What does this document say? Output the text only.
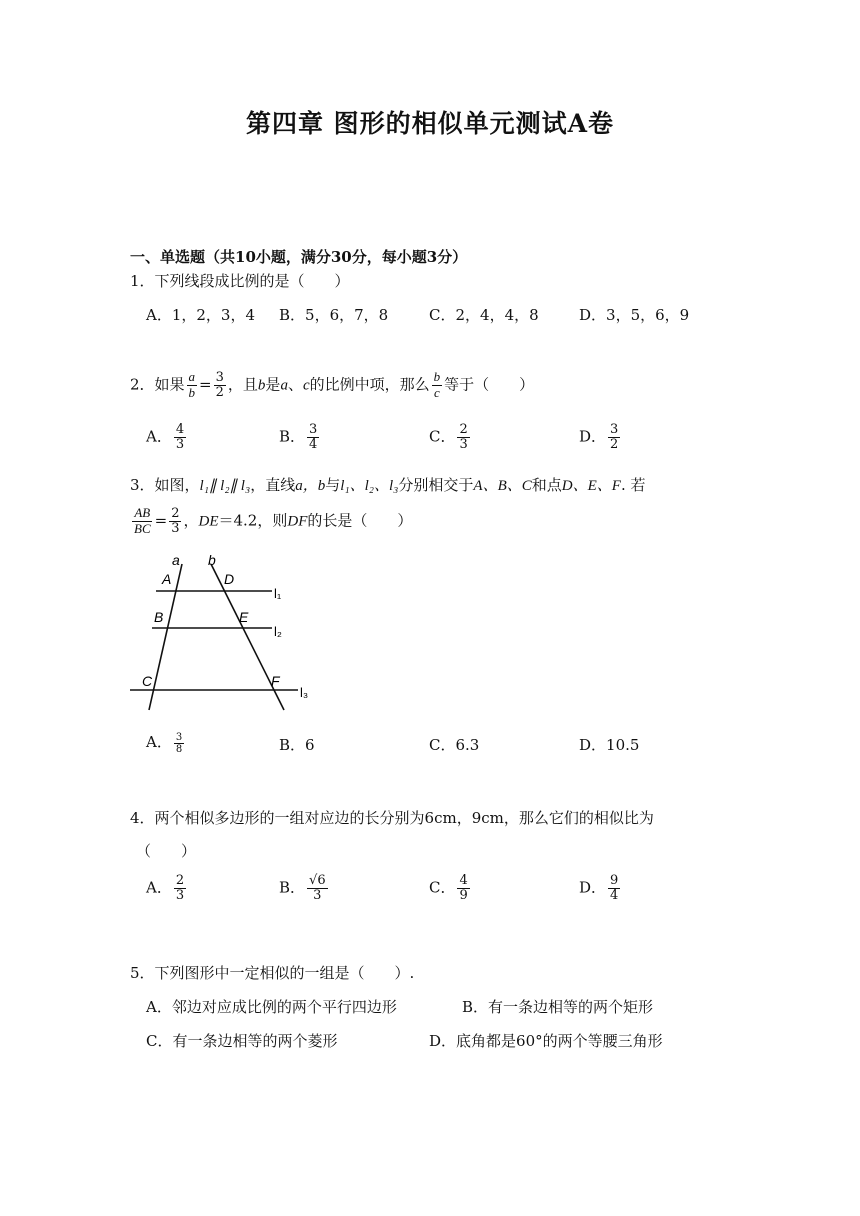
第四章 图形的相似单元测试A卷
一、单选题（共10小题，满分30分，每小题3分）
1．下列线段成比例的是（　　）
A．1，2，3，4 B．5，6，7，8	C．2，4，4，8	D．3，5，6，9
2．如果 $\frac{a}{b} = \frac{3}{2}$ ，且b是a、c的比例中项，那么 $\frac{b}{c}$ 等于（　　）
A． $\frac{4}{3}$	B． $\frac{3}{4}$	C． $\frac{2}{3}$	D． $\frac{3}{2}$
3．如图，l₁∥ l₂∥ l₃，直线a，b与l₁、l₂、l₃分别相交于A、B、C和点D、E、F. 若
$\frac{AB}{BC} = \frac{2}{3}$ ，DE＝4.2，则DF的长是（　　）
a b
A	D
B	E
C	F
l₁
l₂
l₃
A． $\frac{3}{8}$	B．6	C．6.3	D．10.5
4．两个相似多边形的一组对应边的长分别为6cm，9cm，那么它们的相似比为
（　　）
A． $\frac{2}{3}$	B． $\frac{√6}{3}$	C． $\frac{4}{9}$	D． $\frac{9}{4}$
5．下列图形中一定相似的一组是（　　）.
A．邻边对应成比例的两个平行四边形	B．有一条边相等的两个矩形
C．有一条边相等的两个菱形	D．底角都是60°的两个等腰三角形
